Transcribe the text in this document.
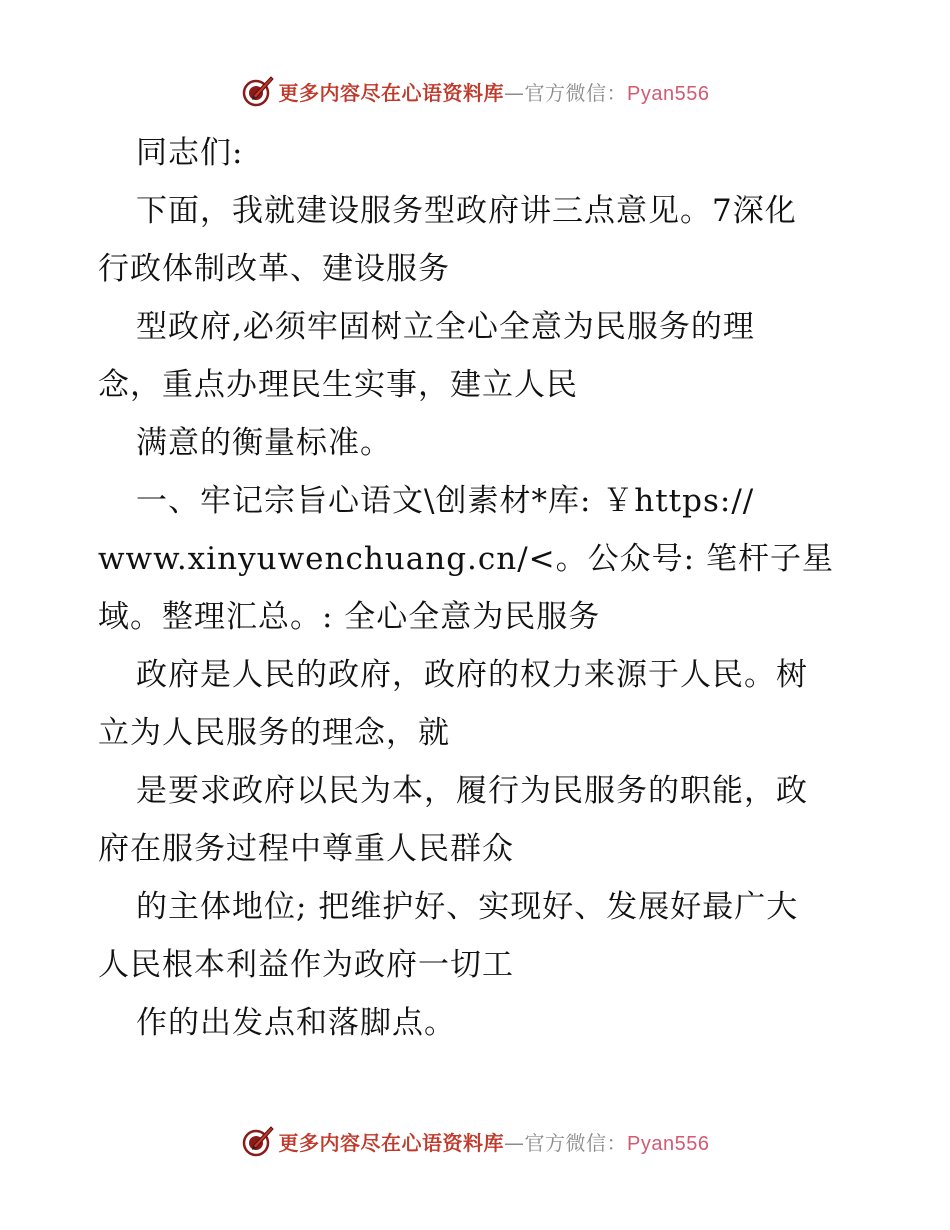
更多内容尽在心语资料库—官方微信：Pyan556
同志们:
下面，我就建设服务型政府讲三点意见。7深化
行政体制改革、建设服务
型政府,必须牢固树立全心全意为民服务的理
念，重点办理民生实事，建立人民
满意的衡量标准。
一、牢记宗旨心语文\创素材*库: ￥https://
www.xinyuwenchuang.cn/<。公众号: 笔杆子星
域。整理汇总。: 全心全意为民服务
政府是人民的政府，政府的权力来源于人民。树
立为人民服务的理念，就
是要求政府以民为本，履行为民服务的职能，政
府在服务过程中尊重人民群众
的主体地位; 把维护好、实现好、发展好最广大
人民根本利益作为政府一切工
作的出发点和落脚点。
更多内容尽在心语资料库—官方微信：Pyan556
